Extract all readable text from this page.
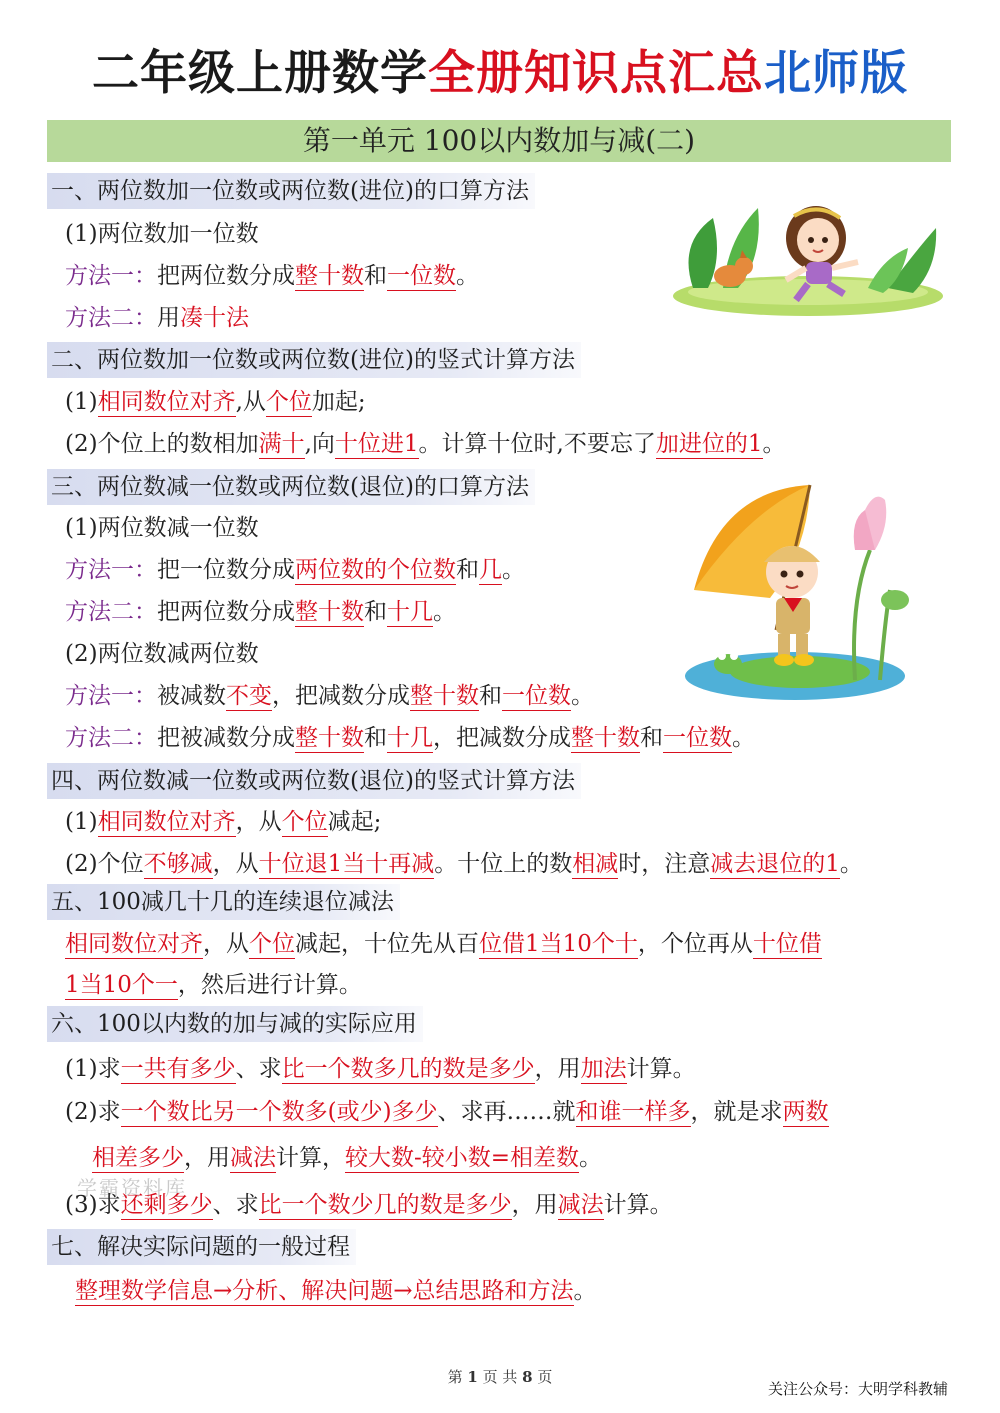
二年级上册数学全册知识点汇总北师版
第一单元 100以内数加与减(二)
一、两位数加一位数或两位数(进位)的口算方法
(1)两位数加一位数
方法一：把两位数分成整十数和一位数。
方法二：用凑十法
二、两位数加一位数或两位数(进位)的竖式计算方法
(1)相同数位对齐,从个位加起;
(2)个位上的数相加满十,向十位进1。计算十位时,不要忘了加进位的1。
三、两位数减一位数或两位数(退位)的口算方法
(1)两位数减一位数
方法一：把一位数分成两位数的个位数和几。
方法二：把两位数分成整十数和十几。
(2)两位数减两位数
方法一：被减数不变，把减数分成整十数和一位数。
方法二：把被减数分成整十数和十几，把减数分成整十数和一位数。
四、两位数减一位数或两位数(退位)的竖式计算方法
(1)相同数位对齐，从个位减起;
(2)个位不够减，从十位退1当十再减。十位上的数相减时，注意减去退位的1。
五、100减几十几的连续退位减法
相同数位对齐，从个位减起，十位先从百位借1当10个十，个位再从十位借
1当10个一，然后进行计算。
六、100以内数的加与减的实际应用
(1)求一共有多少、求比一个数多几的数是多少，用加法计算。
(2)求一个数比另一个数多(或少)多少、求再……就和谁一样多，就是求两数
学霸资料库
相差多少，用减法计算，较大数-较小数=相差数。
(3)求还剩多少、求比一个数少几的数是多少，用减法计算。
七、解决实际问题的一般过程
整理数学信息→分析、解决问题→总结思路和方法。
第 1 页 共 8 页
关注公众号：大明学科教辅
